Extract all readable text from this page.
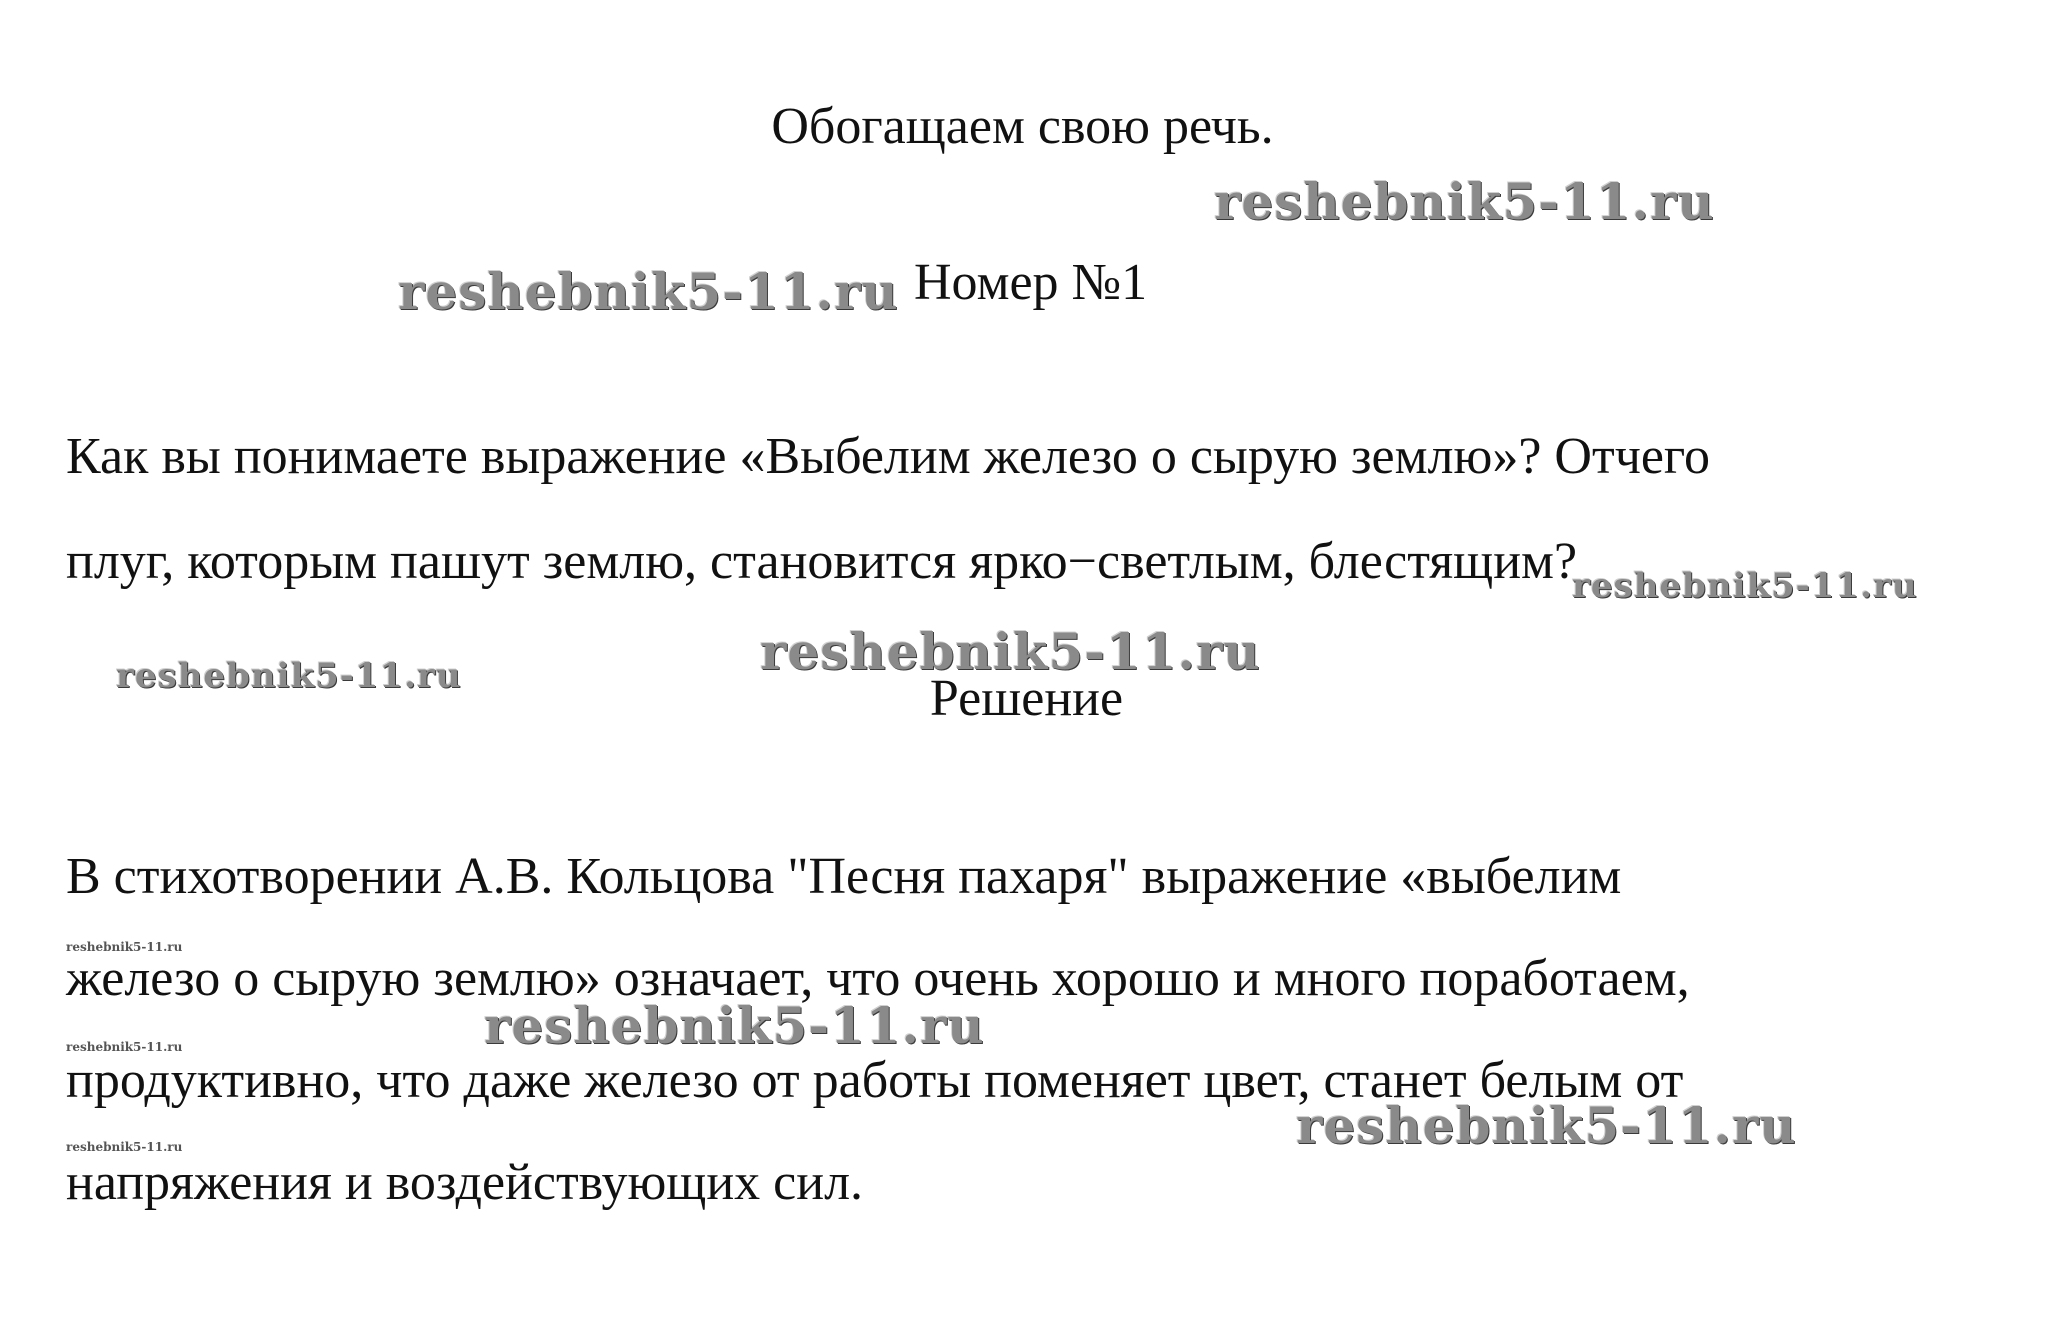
Обогащаем свою речь.
reshebnik5-11.ru
reshebnik5-11.ru Номер №1
Как вы понимаете выражение «Выбелим железо о сырую землю»? Отчего
плуг, которым пашут землю, становится ярко−светлым, блестящим?
reshebnik5-11.ru
reshebnik5-11.ru	reshebnik5-11.ru
Решение
В стихотворении А.В. Кольцова "Песня пахаря" выражение «выбелим
железо о сырую землю» означает, что очень хорошо и много поработаем,
продуктивно, что даже железо от работы поменяет цвет, станет белым от
напряжения и воздействующих сил.
reshebnik5-11.ru
reshebnik5-11.ru
reshebnik5-11.ru
reshebnik5-11.ru
reshebnik5-11.ru
